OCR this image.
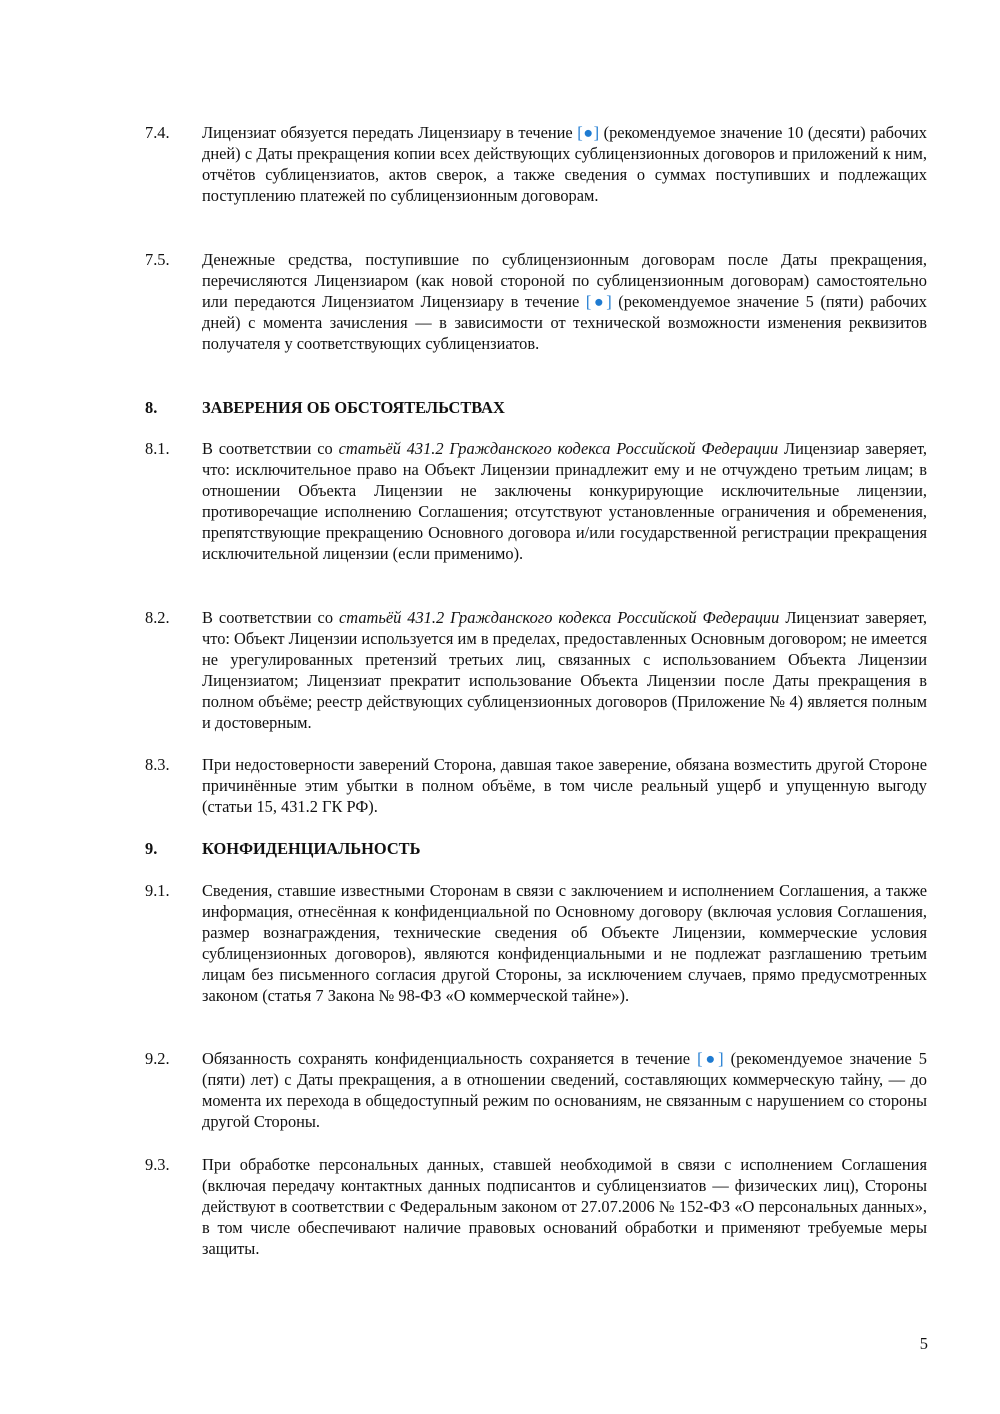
7.4.	Лицензиат обязуется передать Лицензиару в течение [●] (рекомендуемое значение 10 (десяти) рабочих дней) с Даты прекращения копии всех действующих сублицензионных договоров и приложений к ним, отчётов сублицензиатов, актов сверок, а также сведения о суммах поступивших и подлежащих поступлению платежей по сублицензионным договорам.
7.5.	Денежные средства, поступившие по сублицензионным договорам после Даты прекращения, перечисляются Лицензиаром (как новой стороной по сублицензионным договорам) самостоятельно или передаются Лицензиатом Лицензиару в течение [●] (рекомендуемое значение 5 (пяти) рабочих дней) с момента зачисления — в зависимости от технической возможности изменения реквизитов получателя у соответствующих сублицензиатов.
8.	ЗАВЕРЕНИЯ ОБ ОБСТОЯТЕЛЬСТВАХ
8.1.	В соответствии со статьёй 431.2 Гражданского кодекса Российской Федерации Лицензиар заверяет, что: исключительное право на Объект Лицензии принадлежит ему и не отчуждено третьим лицам; в отношении Объекта Лицензии не заключены конкурирующие исключительные лицензии, противоречащие исполнению Соглашения; отсутствуют установленные ограничения и обременения, препятствующие прекращению Основного договора и/или государственной регистрации прекращения исключительной лицензии (если применимо).
8.2.	В соответствии со статьёй 431.2 Гражданского кодекса Российской Федерации Лицензиат заверяет, что: Объект Лицензии используется им в пределах, предоставленных Основным договором; не имеется не урегулированных претензий третьих лиц, связанных с использованием Объекта Лицензии Лицензиатом; Лицензиат прекратит использование Объекта Лицензии после Даты прекращения в полном объёме; реестр действующих сублицензионных договоров (Приложение № 4) является полным и достоверным.
8.3.	При недостоверности заверений Сторона, давшая такое заверение, обязана возместить другой Стороне причинённые этим убытки в полном объёме, в том числе реальный ущерб и упущенную выгоду (статьи 15, 431.2 ГК РФ).
9.	КОНФИДЕНЦИАЛЬНОСТЬ
9.1.	Сведения, ставшие известными Сторонам в связи с заключением и исполнением Соглашения, а также информация, отнесённая к конфиденциальной по Основному договору (включая условия Соглашения, размер вознаграждения, технические сведения об Объекте Лицензии, коммерческие условия сублицензионных договоров), являются конфиденциальными и не подлежат разглашению третьим лицам без письменного согласия другой Стороны, за исключением случаев, прямо предусмотренных законом (статья 7 Закона № 98-ФЗ «О коммерческой тайне»).
9.2.	Обязанность сохранять конфиденциальность сохраняется в течение [●] (рекомендуемое значение 5 (пяти) лет) с Даты прекращения, а в отношении сведений, составляющих коммерческую тайну, — до момента их перехода в общедоступный режим по основаниям, не связанным с нарушением со стороны другой Стороны.
9.3.	При обработке персональных данных, ставшей необходимой в связи с исполнением Соглашения (включая передачу контактных данных подписантов и сублицензиатов — физических лиц), Стороны действуют в соответствии с Федеральным законом от 27.07.2006 № 152-ФЗ «О персональных данных», в том числе обеспечивают наличие правовых оснований обработки и применяют требуемые меры защиты.
5
